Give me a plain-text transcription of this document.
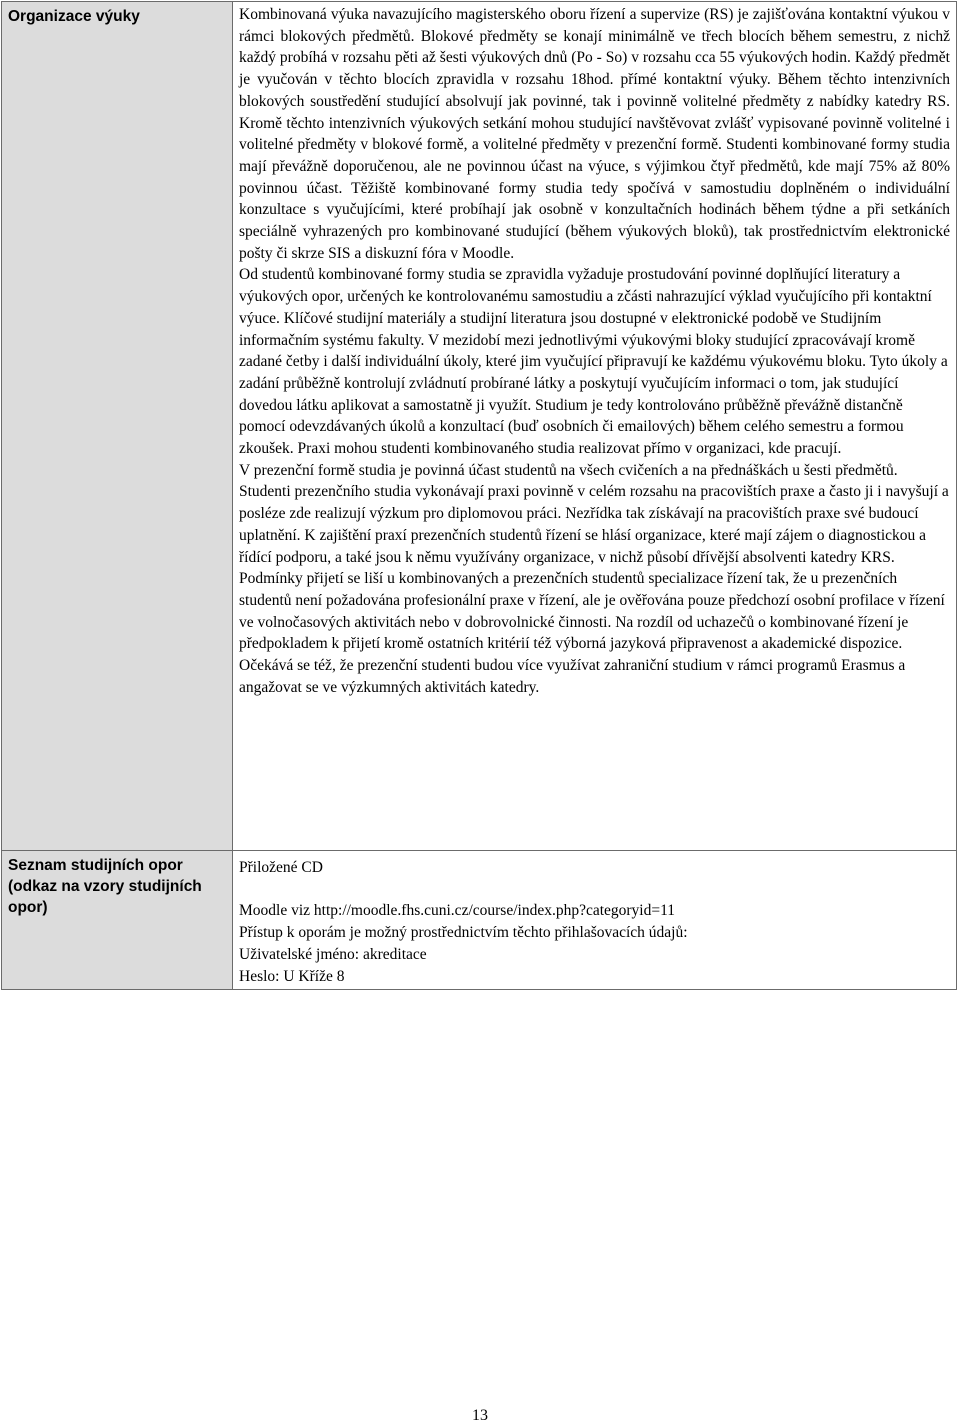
Organizace výuky	Kombinovaná výuka navazujícího magisterského oboru řízení a supervize (RS) je zajišťována kontaktní výukou v rámci blokových předmětů. Blokové předměty se konají minimálně ve třech blocích během semestru, z nichž každý probíhá v rozsahu pěti až šesti výukových dnů (Po - So) v rozsahu cca 55 výukových hodin. Každý předmět je vyučován v těchto blocích zpravidla v rozsahu 18hod. přímé kontaktní výuky. Během těchto intenzivních blokových soustředění studující absolvují jak povinné, tak i povinně volitelné předměty z nabídky katedry RS. Kromě těchto intenzivních výukových setkání mohou studující navštěvovat zvlášť vypisované povinně volitelné i volitelné předměty v blokové formě, a volitelné předměty v prezenční formě. Studenti kombinované formy studia mají převážně doporučenou, ale ne povinnou účast na výuce, s výjimkou čtyř předmětů, kde mají 75% až 80% povinnou účast. Těžiště kombinované formy studia tedy spočívá v samostudiu doplněném o individuální konzultace s vyučujícími, které probíhají jak osobně v konzultačních hodinách během týdne a při setkáních speciálně vyhrazených pro kombinované studující (během výukových bloků), tak prostřednictvím elektronické pošty či skrze SIS a diskuzní fóra v Moodle.

Od studentů kombinované formy studia se zpravidla vyžaduje prostudování povinné doplňující literatury a výukových opor, určených ke kontrolovanému samostudiu a zčásti nahrazující výklad vyučujícího při kontaktní výuce. Klíčové studijní materiály a studijní literatura jsou dostupné v elektronické podobě ve Studijním informačním systému fakulty. V mezidobí mezi jednotlivými výukovými bloky studující zpracovávají kromě zadané četby i další individuální úkoly, které jim vyučující připravují ke každému výukovému bloku. Tyto úkoly a zadání průběžně kontrolují zvládnutí probírané látky a poskytují vyučujícím informaci o tom, jak studující dovedou látku aplikovat a samostatně ji využít. Studium je tedy kontrolováno průběžně převážně distančně pomocí odevzdávaných úkolů a konzultací (buď osobních či emailových) během celého semestru a formou zkoušek. Praxi mohou studenti kombinovaného studia realizovat přímo v organizaci, kde pracují.

V prezenční formě studia je povinná účast studentů na všech cvičeních a na přednáškách u šesti předmětů. Studenti prezenčního studia vykonávají praxi povinně v celém rozsahu na pracovištích praxe a často ji i navyšují a posléze zde realizují výzkum pro diplomovou práci. Nezřídka tak získávají na pracovištích praxe své budoucí uplatnění. K zajištění praxí prezenčních studentů řízení se hlásí organizace, které mají zájem o diagnostickou a řídící podporu, a také jsou k němu využívány organizace, v nichž působí dřívější absolventi katedry KRS.

Podmínky přijetí se liší u kombinovaných a prezenčních studentů specializace řízení tak, že u prezenčních studentů není požadována profesionální praxe v řízení, ale je ověřována pouze předchozí osobní profilace v řízení ve volnočasových aktivitách nebo v dobrovolnické činnosti. Na rozdíl od uchazečů o kombinované řízení je předpokladem k přijetí kromě ostatních kritérií též výborná jazyková připravenost a akademické dispozice. Očekává se též, že prezenční studenti budou více využívat zahraniční studium v rámci programů Erasmus a angažovat se ve výzkumných aktivitách katedry.

Seznam studijních opor (odkaz na vzory studijních opor)	Přiložené CD

Moodle viz http://moodle.fhs.cuni.cz/course/index.php?categoryid=11

Přístup k oporám je možný prostřednictvím těchto přihlašovacích údajů:

Uživatelské jméno: akreditace

Heslo: U Kříže 8

13
